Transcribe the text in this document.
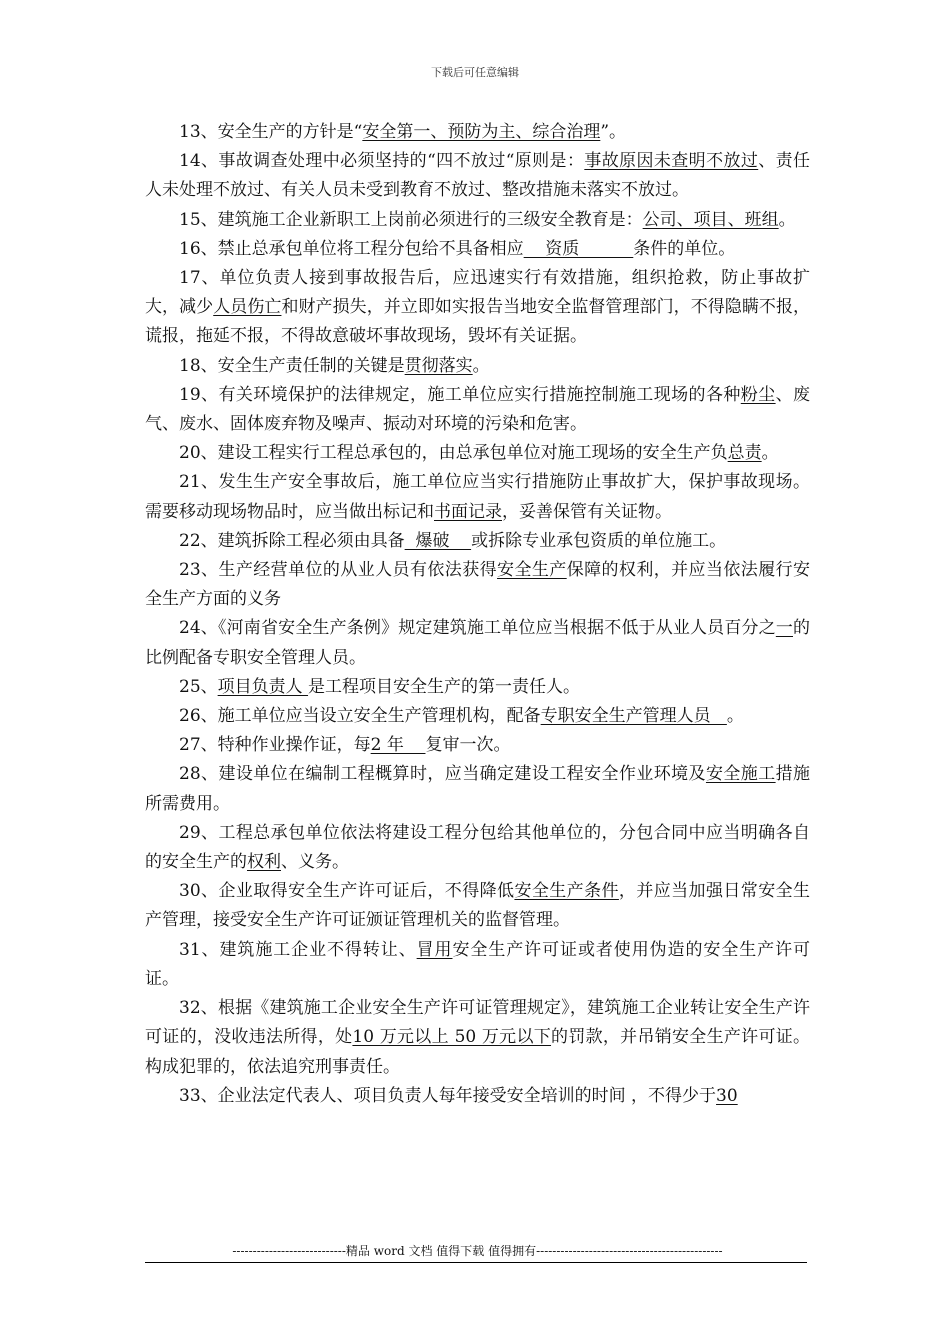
下载后可任意编辑

13、安全生产的方针是“安全第一、预防为主、综合治理”。

14、事故调查处理中必须坚持的“四不放过“原则是：事故原因未查明不放过、责任人未处理不放过、有关人员未受到教育不放过、整改措施未落实不放过。

15、建筑施工企业新职工上岗前必须进行的三级安全教育是：公司、项目、班组。

16、禁止总承包单位将工程分包给不具备相应    资质          条件的单位。

17、单位负责人接到事故报告后，应迅速实行有效措施，组织抢救，防止事故扩大，减少人员伤亡和财产损失，并立即如实报告当地安全监督管理部门，不得隐瞒不报，谎报，拖延不报，不得故意破坏事故现场，毁坏有关证据。

18、安全生产责任制的关键是贯彻落实。

19、有关环境保护的法律规定，施工单位应实行措施控制施工现场的各种粉尘、废气、废水、固体废弃物及噪声、振动对环境的污染和危害。

20、建设工程实行工程总承包的，由总承包单位对施工现场的安全生产负总责。

21、发生生产安全事故后，施工单位应当实行措施防止事故扩大，保护事故现场。需要移动现场物品时，应当做出标记和书面记录，妥善保管有关证物。

22、建筑拆除工程必须由具备  爆破    或拆除专业承包资质的单位施工。

23、生产经营单位的从业人员有依法获得安全生产保障的权利，并应当依法履行安全生产方面的义务

24、《河南省安全生产条例》规定建筑施工单位应当根据不低于从业人员百分之一的比例配备专职安全管理人员。

25、项目负责人 是工程项目安全生产的第一责任人。

26、施工单位应当设立安全生产管理机构，配备专职安全生产管理人员   。

27、特种作业操作证，每2 年    复审一次。

28、建设单位在编制工程概算时，应当确定建设工程安全作业环境及安全施工措施所需费用。

29、工程总承包单位依法将建设工程分包给其他单位的，分包合同中应当明确各自的安全生产的权利、义务。

30、企业取得安全生产许可证后，不得降低安全生产条件，并应当加强日常安全生产管理，接受安全生产许可证颁证管理机关的监督管理。

31、建筑施工企业不得转让、冒用安全生产许可证或者使用伪造的安全生产许可证。

32、根据《建筑施工企业安全生产许可证管理规定》，建筑施工企业转让安全生产许可证的，没收违法所得，处10 万元以上 50 万元以下的罚款，并吊销安全生产许可证。构成犯罪的，依法追究刑事责任。

33、企业法定代表人、项目负责人每年接受安全培训的时间 ，不得少于30

----------------------------精品 word 文档 值得下载 值得拥有----------------------------------------------
